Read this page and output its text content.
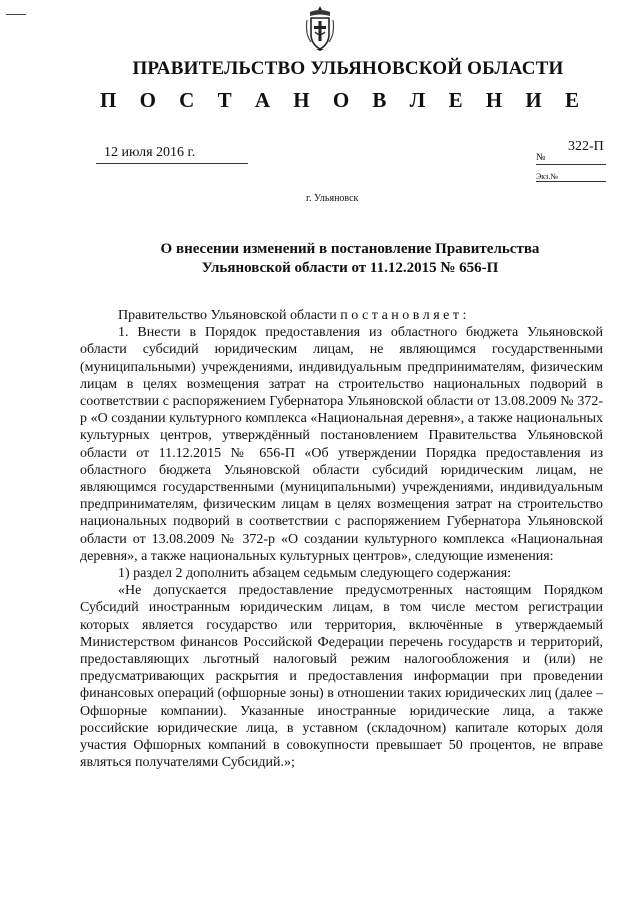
ПРАВИТЕЛЬСТВО УЛЬЯНОВСКОЙ ОБЛАСТИ
П О С Т А Н О В Л Е Н И Е
12 июля 2016 г.	322-П
№
Экз.№
г. Ульяновск
О внесении изменений в постановление Правительства
Ульяновской области от 11.12.2015 № 656-П

Правительство Ульяновской области постановляет:

1. Внести в Порядок предоставления из областного бюджета Ульяновской области субсидий юридическим лицам, не являющимся государственными (муниципальными) учреждениями, индивидуальным предпринимателям, физическим лицам в целях возмещения затрат на строительство национальных подворий в соответствии с распоряжением Губернатора Ульяновской области от 13.08.2009 № 372-р «О создании культурного комплекса «Национальная деревня», а также национальных культурных центров, утверждённый постановлением Правительства Ульяновской области от 11.12.2015 № 656-П «Об утверждении Порядка предоставления из областного бюджета Ульяновской области субсидий юридическим лицам, не являющимся государственными (муниципальными) учреждениями, индивидуальным предпринимателям, физическим лицам в целях возмещения затрат на строительство национальных подворий в соответствии с распоряжением Губернатора Ульяновской области от 13.08.2009 № 372-р «О создании культурного комплекса «Национальная деревня», а также национальных культурных центров», следующие изменения:

1) раздел 2 дополнить абзацем седьмым следующего содержания:

«Не допускается предоставление предусмотренных настоящим Порядком Субсидий иностранным юридическим лицам, в том числе местом регистрации которых является государство или территория, включённые в утверждаемый Министерством финансов Российской Федерации перечень государств и территорий, предоставляющих льготный налоговый режим налогообложения и (или) не предусматривающих раскрытия и предоставления информации при проведении финансовых операций (офшорные зоны) в отношении таких юридических лиц (далее – Офшорные компании). Указанные иностранные юридические лица, а также российские юридические лица, в уставном (складочном) капитале которых доля участия Офшорных компаний в совокупности превышает 50 процентов, не вправе являться получателями Субсидий.»;
